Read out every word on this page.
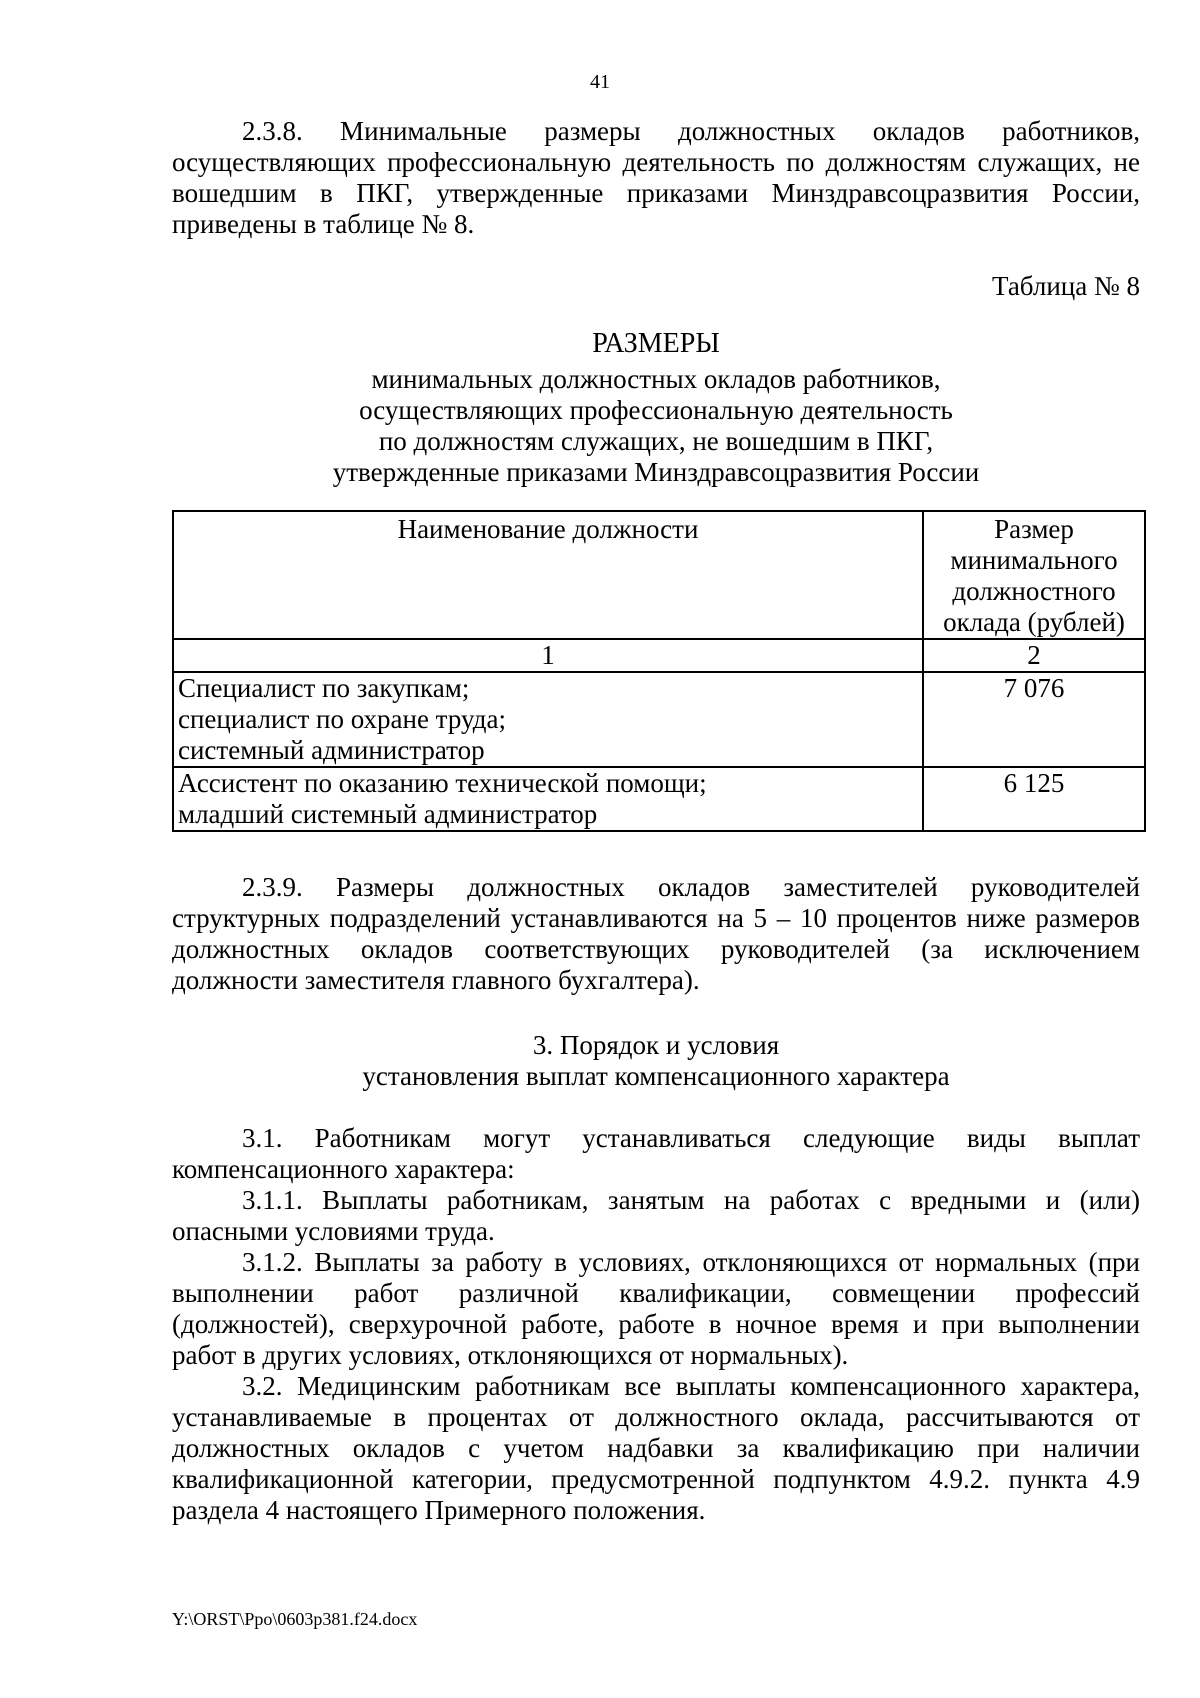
41

2.3.8. Минимальные размеры должностных окладов работников, осуществляющих профессиональную деятельность по должностям служащих, не вошедшим в ПКГ, утвержденные приказами Минздравсоцразвития России, приведены в таблице № 8.

Таблица № 8

РАЗМЕРЫ
минимальных должностных окладов работников,
осуществляющих профессиональную деятельность
по должностям служащих, не вошедшим в ПКГ,
утвержденные приказами Минздравсоцразвития России
Наименование должности	Размер минимального должностного оклада (рублей)
1	2

Специалист по закупкам;
специалист по охране труда;
системный администратор	7 076

Ассистент по оказанию технической помощи;
младший системный администратор	6 125

2.3.9. Размеры должностных окладов заместителей руководителей структурных подразделений устанавливаются на 5 – 10 процентов ниже размеров должностных окладов соответствующих руководителей (за исключением должности заместителя главного бухгалтера).

3. Порядок и условия
установления выплат компенсационного характера

3.1. Работникам могут устанавливаться следующие виды выплат компенсационного характера:

3.1.1. Выплаты работникам, занятым на работах с вредными и (или) опасными условиями труда.

3.1.2. Выплаты за работу в условиях, отклоняющихся от нормальных (при выполнении работ различной квалификации, совмещении профессий (должностей), сверхурочной работе, работе в ночное время и при выполнении работ в других условиях, отклоняющихся от нормальных).

3.2. Медицинским работникам все выплаты компенсационного характера, устанавливаемые в процентах от должностного оклада, рассчитываются от должностных окладов с учетом надбавки за квалификацию при наличии квалификационной категории, предусмотренной подпунктом 4.9.2. пункта 4.9 раздела 4 настоящего Примерного положения.

Y:\ORST\Ppo\0603p381.f24.docx
